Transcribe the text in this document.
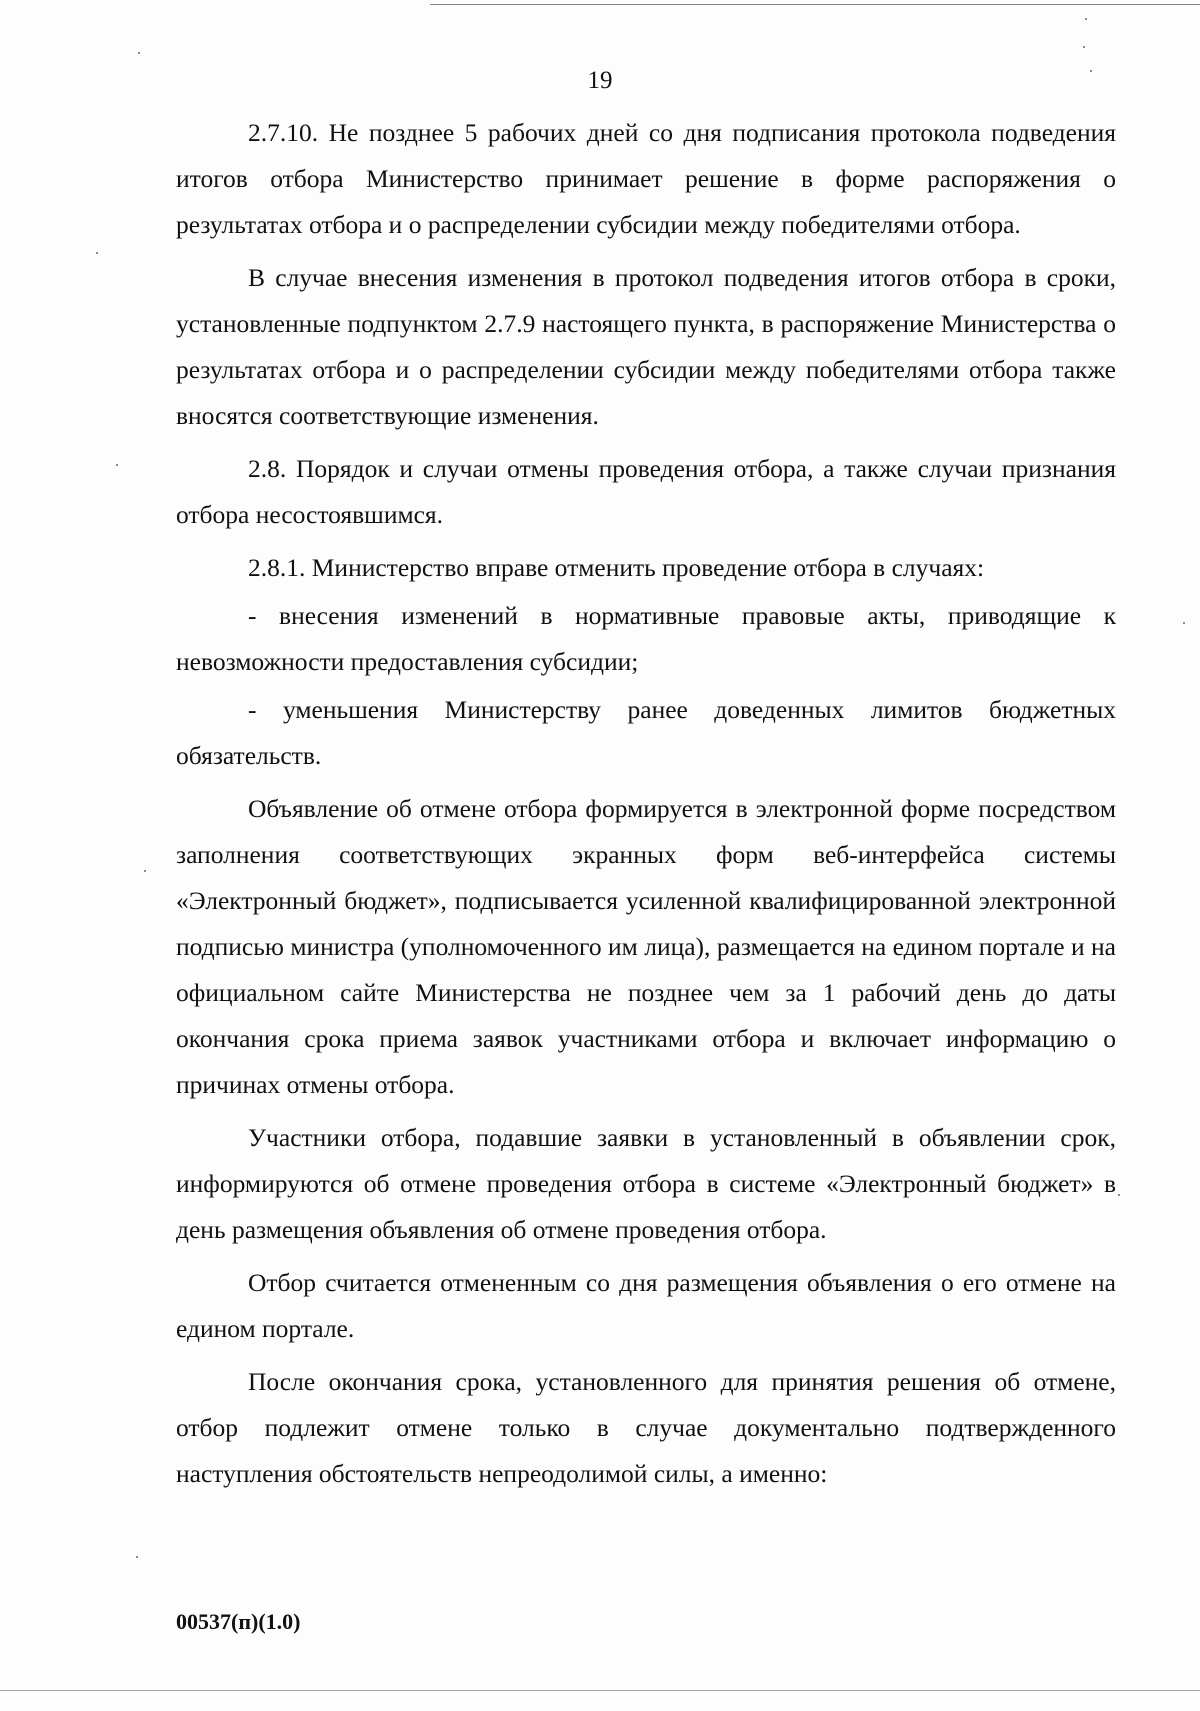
19

2.7.10. Не позднее 5 рабочих дней со дня подписания протокола подведения итогов отбора Министерство принимает решение в форме распоряжения о результатах отбора и о распределении субсидии между победителями отбора.

В случае внесения изменения в протокол подведения итогов отбора в сроки, установленные подпунктом 2.7.9 настоящего пункта, в распоряжение Министерства о результатах отбора и о распределении субсидии между победителями отбора также вносятся соответствующие изменения.

2.8. Порядок и случаи отмены проведения отбора, а также случаи признания отбора несостоявшимся.

2.8.1. Министерство вправе отменить проведение отбора в случаях:

- внесения изменений в нормативные правовые акты, приводящие к невозможности предоставления субсидии;

- уменьшения Министерству ранее доведенных лимитов бюджетных обязательств.

Объявление об отмене отбора формируется в электронной форме посредством заполнения соответствующих экранных форм веб-интерфейса системы «Электронный бюджет», подписывается усиленной квалифицированной электронной подписью министра (уполномоченного им лица), размещается на едином портале и на официальном сайте Министерства не позднее чем за 1 рабочий день до даты окончания срока приема заявок участниками отбора и включает информацию о причинах отмены отбора.

Участники отбора, подавшие заявки в установленный в объявлении срок, информируются об отмене проведения отбора в системе «Электронный бюджет» в день размещения объявления об отмене проведения отбора.

Отбор считается отмененным со дня размещения объявления о его отмене на едином портале.

После окончания срока, установленного для принятия решения об отмене, отбор подлежит отмене только в случае документально подтвержденного наступления обстоятельств непреодолимой силы, а именно:

00537(п)(1.0)
